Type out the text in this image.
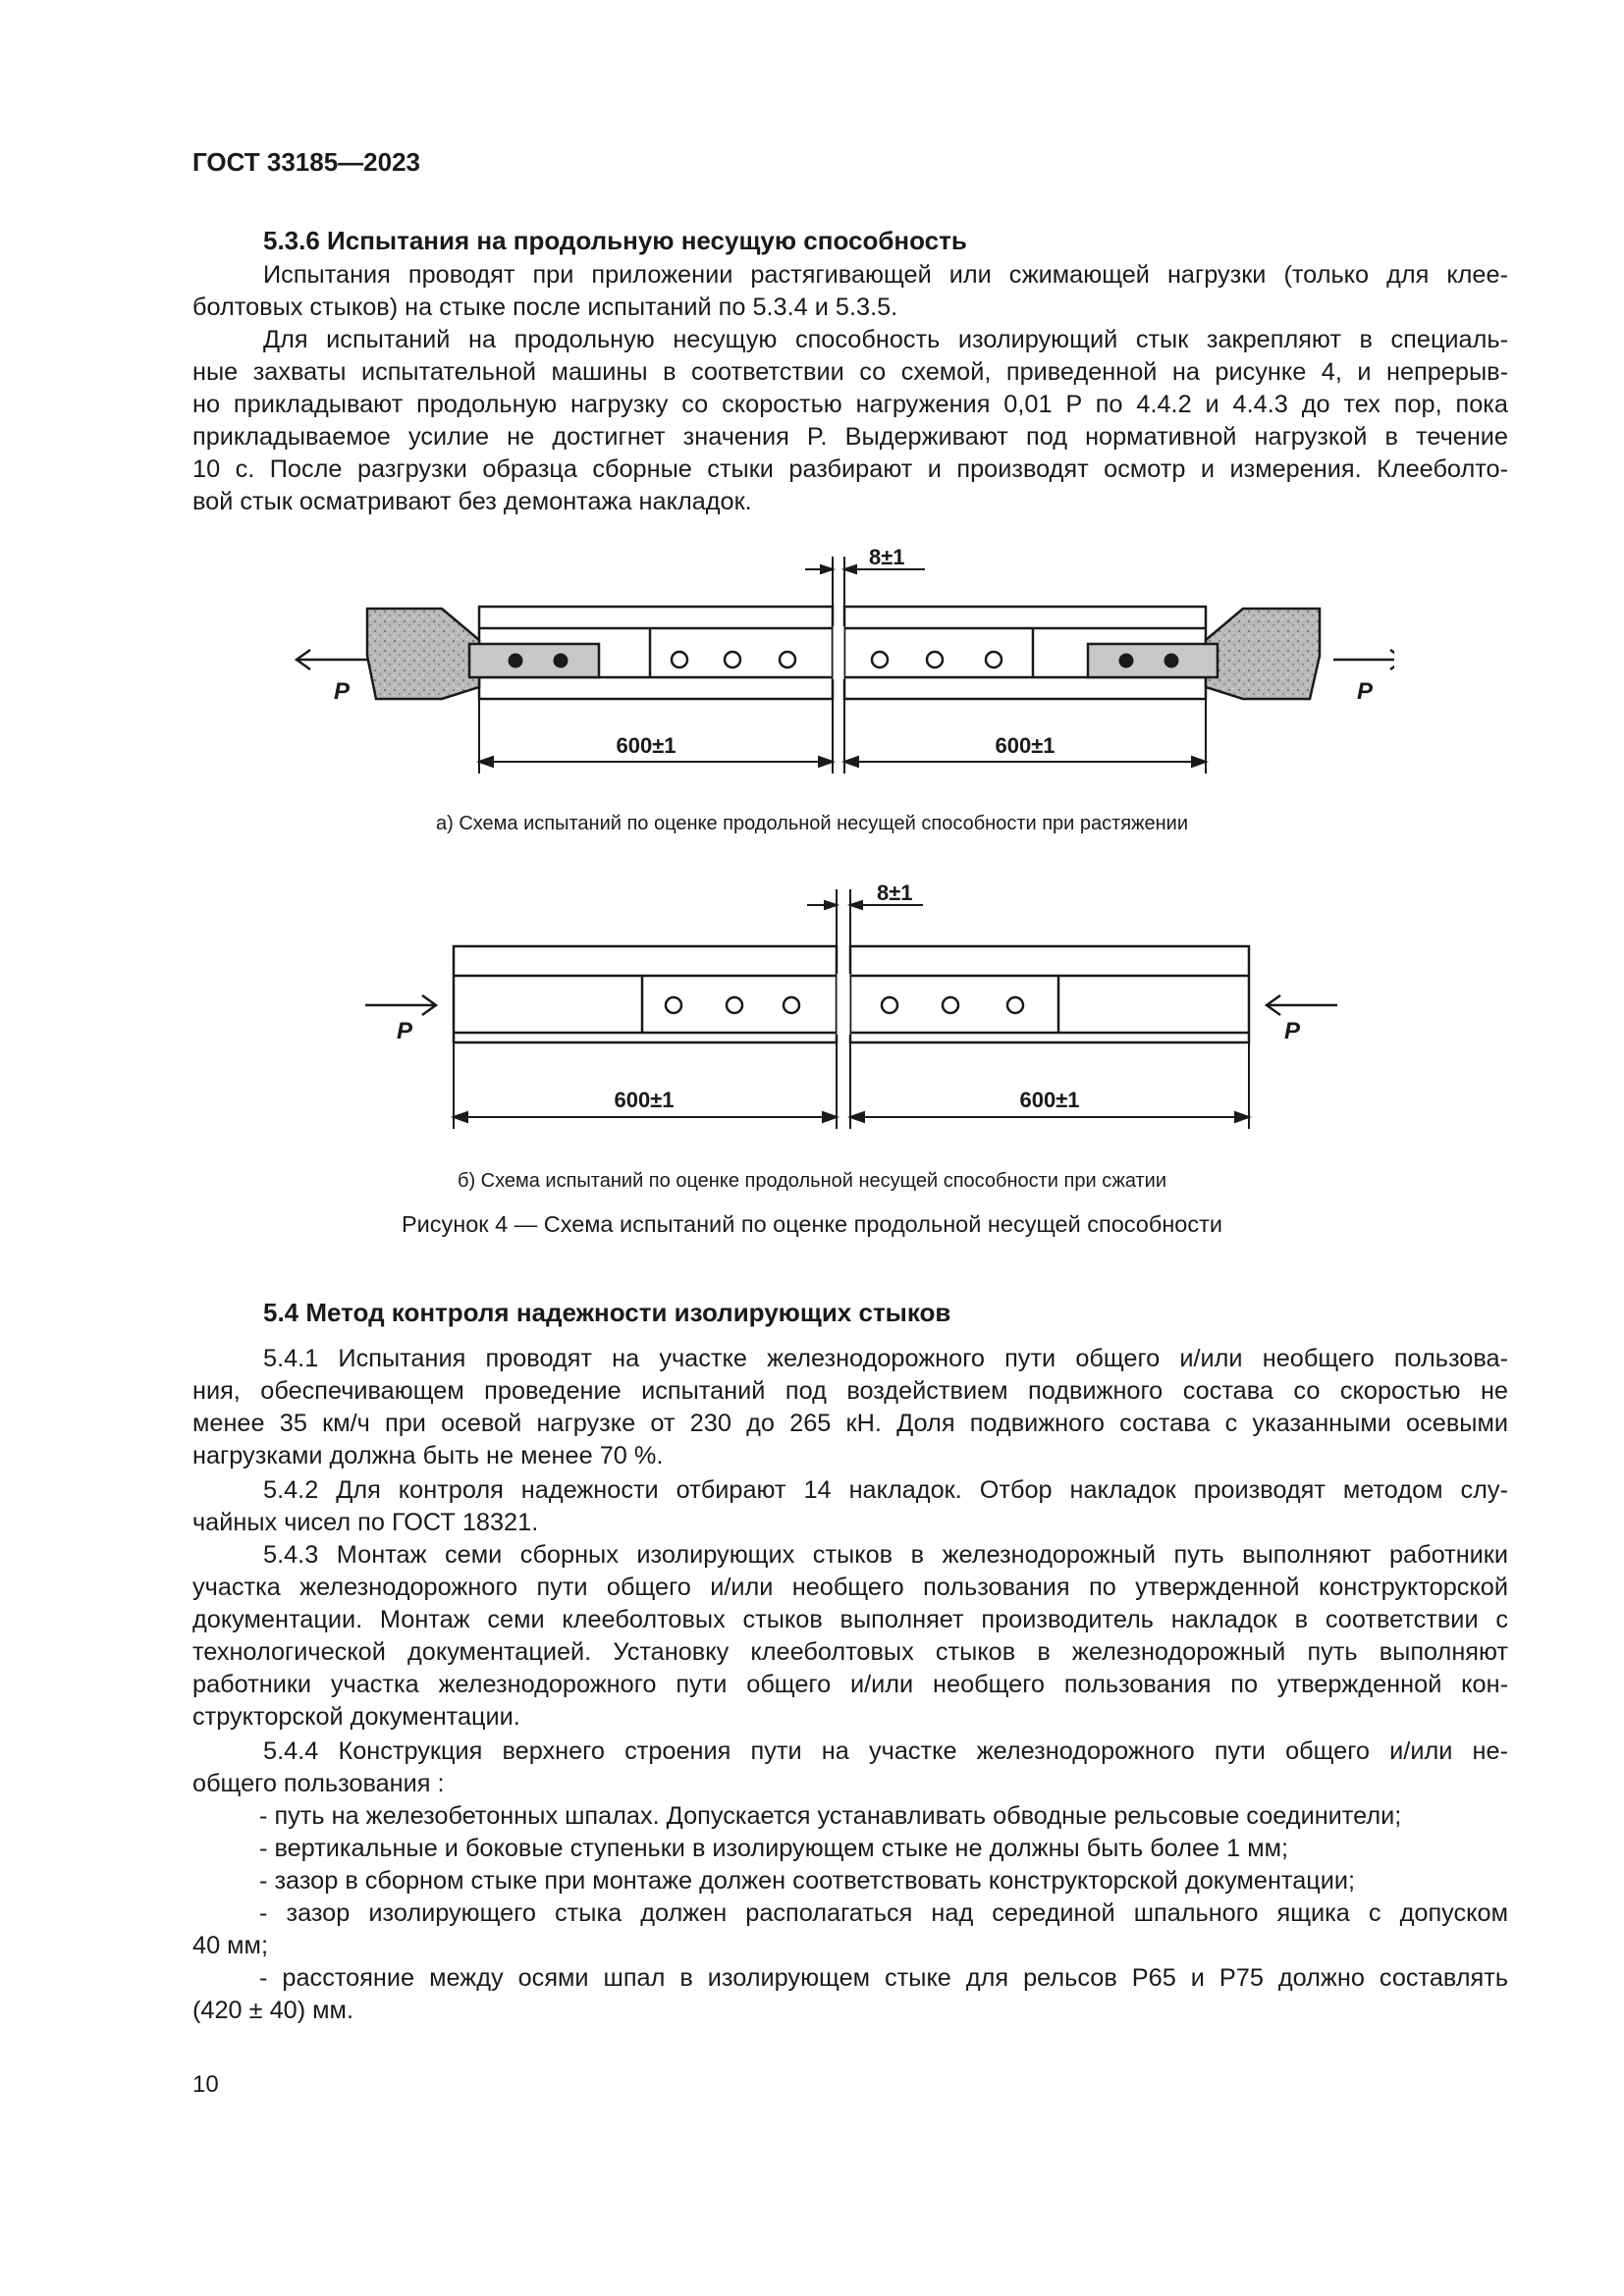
ГОСТ 33185—2023
5.3.6 Испытания на продольную несущую способность
Испытания проводят при приложении растягивающей или сжимающей нагрузки (только для клее-
болтовых стыков) на стыке после испытаний по 5.3.4 и 5.3.5.
Для испытаний на продольную несущую способность изолирующий стык закрепляют в специаль-
ные захваты испытательной машины в соответствии со схемой, приведенной на рисунке 4, и непрерыв-
но прикладывают продольную нагрузку со скоростью нагружения 0,01 P по 4.4.2 и 4.4.3 до тех пор, пока
прикладываемое усилие не достигнет значения P. Выдерживают под нормативной нагрузкой в течение
10 с. После разгрузки образца сборные стыки разбирают и производят осмотр и измерения. Клееболто-
вой стык осматривают без демонтажа накладок.
P	P
8±1
600±1	600±1
а) Схема испытаний по оценке продольной несущей способности при растяжении
P	P
8±1
600±1	600±1
б) Схема испытаний по оценке продольной несущей способности при сжатии
Рисунок 4 — Схема испытаний по оценке продольной несущей способности
5.4 Метод контроля надежности изолирующих стыков
5.4.1 Испытания проводят на участке железнодорожного пути общего и/или необщего пользова-
ния, обеспечивающем проведение испытаний под воздействием подвижного состава со скоростью не
менее 35 км/ч при осевой нагрузке от 230 до 265 кН. Доля подвижного состава с указанными осевыми
нагрузками должна быть не менее 70 %.
5.4.2 Для контроля надежности отбирают 14 накладок. Отбор накладок производят методом слу-
чайных чисел по ГОСТ 18321.
5.4.3 Монтаж семи сборных изолирующих стыков в железнодорожный путь выполняют работники
участка железнодорожного пути общего и/или необщего пользования по утвержденной конструкторской
документации. Монтаж семи клееболтовых стыков выполняет производитель накладок в соответствии с
технологической документацией. Установку клееболтовых стыков в железнодорожный путь выполняют
работники участка железнодорожного пути общего и/или необщего пользования по утвержденной кон-
структорской документации.
5.4.4 Конструкция верхнего строения пути на участке железнодорожного пути общего и/или не-
общего пользования :
- путь на железобетонных шпалах. Допускается устанавливать обводные рельсовые соединители;
- вертикальные и боковые ступеньки в изолирующем стыке не должны быть более 1 мм;
- зазор в сборном стыке при монтаже должен соответствовать конструкторской документации;
- зазор изолирующего стыка должен располагаться над серединой шпального ящика с допуском
40 мм;
- расстояние между осями шпал в изолирующем стыке для рельсов Р65 и Р75 должно составлять
(420 ± 40) мм.
10
